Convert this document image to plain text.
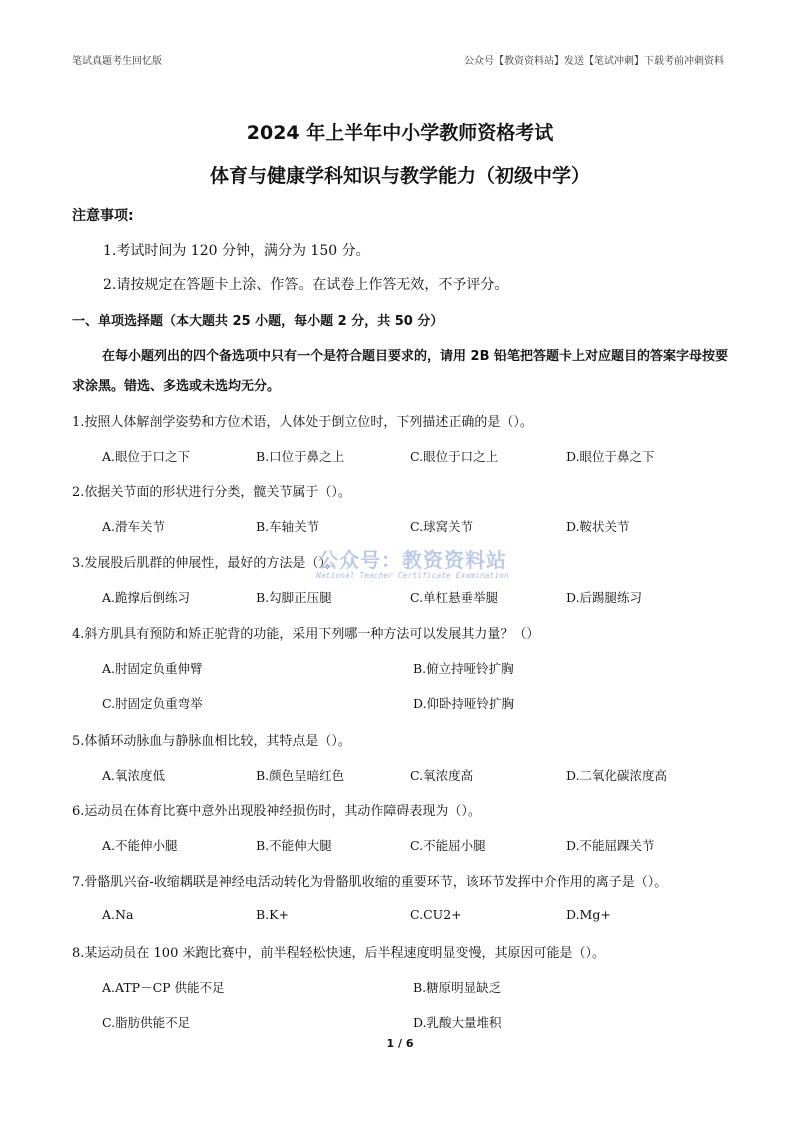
笔试真题考生回忆版	公众号【教资资料站】发送【笔试冲刺】下载考前冲刺资料
2024 年上半年中小学教师资格考试
体育与健康学科知识与教学能力（初级中学）
注意事项:
1.考试时间为 120 分钟，满分为 150 分。
2.请按规定在答题卡上涂、作答。在试卷上作答无效，不予评分。
一、单项选择题（本大题共 25 小题，每小题 2 分，共 50 分）
在每小题列出的四个备选项中只有一个是符合题目要求的，请用 2B 铅笔把答题卡上对应题目的答案字母按要求涂黑。错选、多选或未选均无分。
1.按照人体解剖学姿势和方位术语，人体处于倒立位时，下列描述正确的是（）。
A.眼位于口之下	B.口位于鼻之上	C.眼位于口之上	D.眼位于鼻之下
2.依据关节面的形状进行分类，髋关节属于（）。
A.滑车关节	B.车轴关节	C.球窝关节	D.鞍状关节
3.发展股后肌群的伸展性，最好的方法是（）。
A.跪撑后倒练习	B.勾脚正压腿	C.单杠悬垂举腿	D.后踢腿练习
公众号：教资资料站
National Teacher Certificate Examination
4.斜方肌具有预防和矫正驼背的功能，采用下列哪一种方法可以发展其力量？（）
A.肘固定负重伸臂	B.俯立持哑铃扩胸
C.肘固定负重弯举	D.仰卧持哑铃扩胸
5.体循环动脉血与静脉血相比较，其特点是（）。
A.氧浓度低	B.颜色呈暗红色	C.氧浓度高	D.二氧化碳浓度高
6.运动员在体育比赛中意外出现股神经损伤时，其动作障碍表现为（）。
A.不能伸小腿	B.不能伸大腿	C.不能屈小腿	D.不能屈踝关节
7.骨骼肌兴奋-收缩耦联是神经电活动转化为骨骼肌收缩的重要环节，该环节发挥中介作用的离子是（）。
A.Na	B.K+	C.CU2+	D.Mg+
8.某运动员在 100 米跑比赛中，前半程轻松快速，后半程速度明显变慢，其原因可能是（）。
A.ATP－CP 供能不足	B.糖原明显缺乏
C.脂肪供能不足	D.乳酸大量堆积
1 / 6
